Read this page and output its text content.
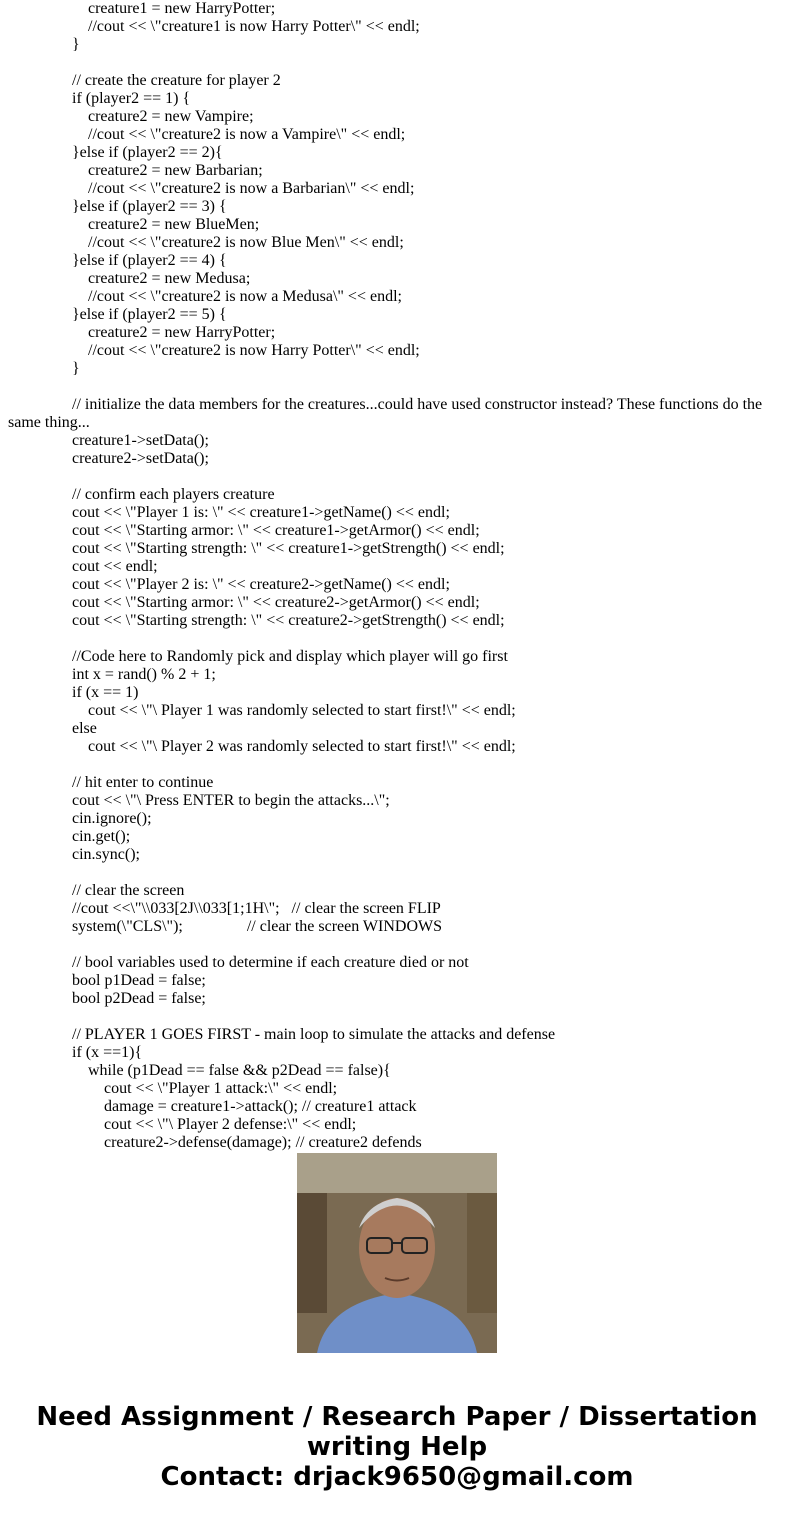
creature1 = new HarryPotter;
//cout << \"creature1 is now Harry Potter\" << endl;
}
// create the creature for player 2
if (player2 == 1) {
creature2 = new Vampire;
//cout << \"creature2 is now a Vampire\" << endl;
}else if (player2 == 2){
creature2 = new Barbarian;
//cout << \"creature2 is now a Barbarian\" << endl;
}else if (player2 == 3) {
creature2 = new BlueMen;
//cout << \"creature2 is now Blue Men\" << endl;
}else if (player2 == 4) {
creature2 = new Medusa;
//cout << \"creature2 is now a Medusa\" << endl;
}else if (player2 == 5) {
creature2 = new HarryPotter;
//cout << \"creature2 is now Harry Potter\" << endl;
}
// initialize the data members for the creatures...could have used constructor instead? These functions do the same thing...
creature1->setData();
creature2->setData();
// confirm each players creature
cout << \"Player 1 is: \" << creature1->getName() << endl;
cout << \"Starting armor: \" << creature1->getArmor() << endl;
cout << \"Starting strength: \" << creature1->getStrength() << endl;
cout << endl;
cout << \"Player 2 is: \" << creature2->getName() << endl;
cout << \"Starting armor: \" << creature2->getArmor() << endl;
cout << \"Starting strength: \" << creature2->getStrength() << endl;
//Code here to Randomly pick and display which player will go first
int x = rand() % 2 + 1;
if (x == 1)
cout << \"\ Player 1 was randomly selected to start first!\" << endl;
else
cout << \"\ Player 2 was randomly selected to start first!\" << endl;
// hit enter to continue
cout << \"\ Press ENTER to begin the attacks...\";
cin.ignore();
cin.get();
cin.sync();
// clear the screen
//cout <<\"\\033[2J\\033[1;1H\";   // clear the screen FLIP
system(\"CLS\");                // clear the screen WINDOWS
// bool variables used to determine if each creature died or not
bool p1Dead = false;
bool p2Dead = false;
// PLAYER 1 GOES FIRST - main loop to simulate the attacks and defense
if (x ==1){
while (p1Dead == false && p2Dead == false){
cout << \"Player 1 attack:\" << endl;
damage = creature1->attack(); // creature1 attack
cout << \"\ Player 2 defense:\" << endl;
creature2->defense(damage); // creature2 defends
Need Assignment / Research Paper / Dissertation
writing Help
Contact: drjack9650@gmail.com
